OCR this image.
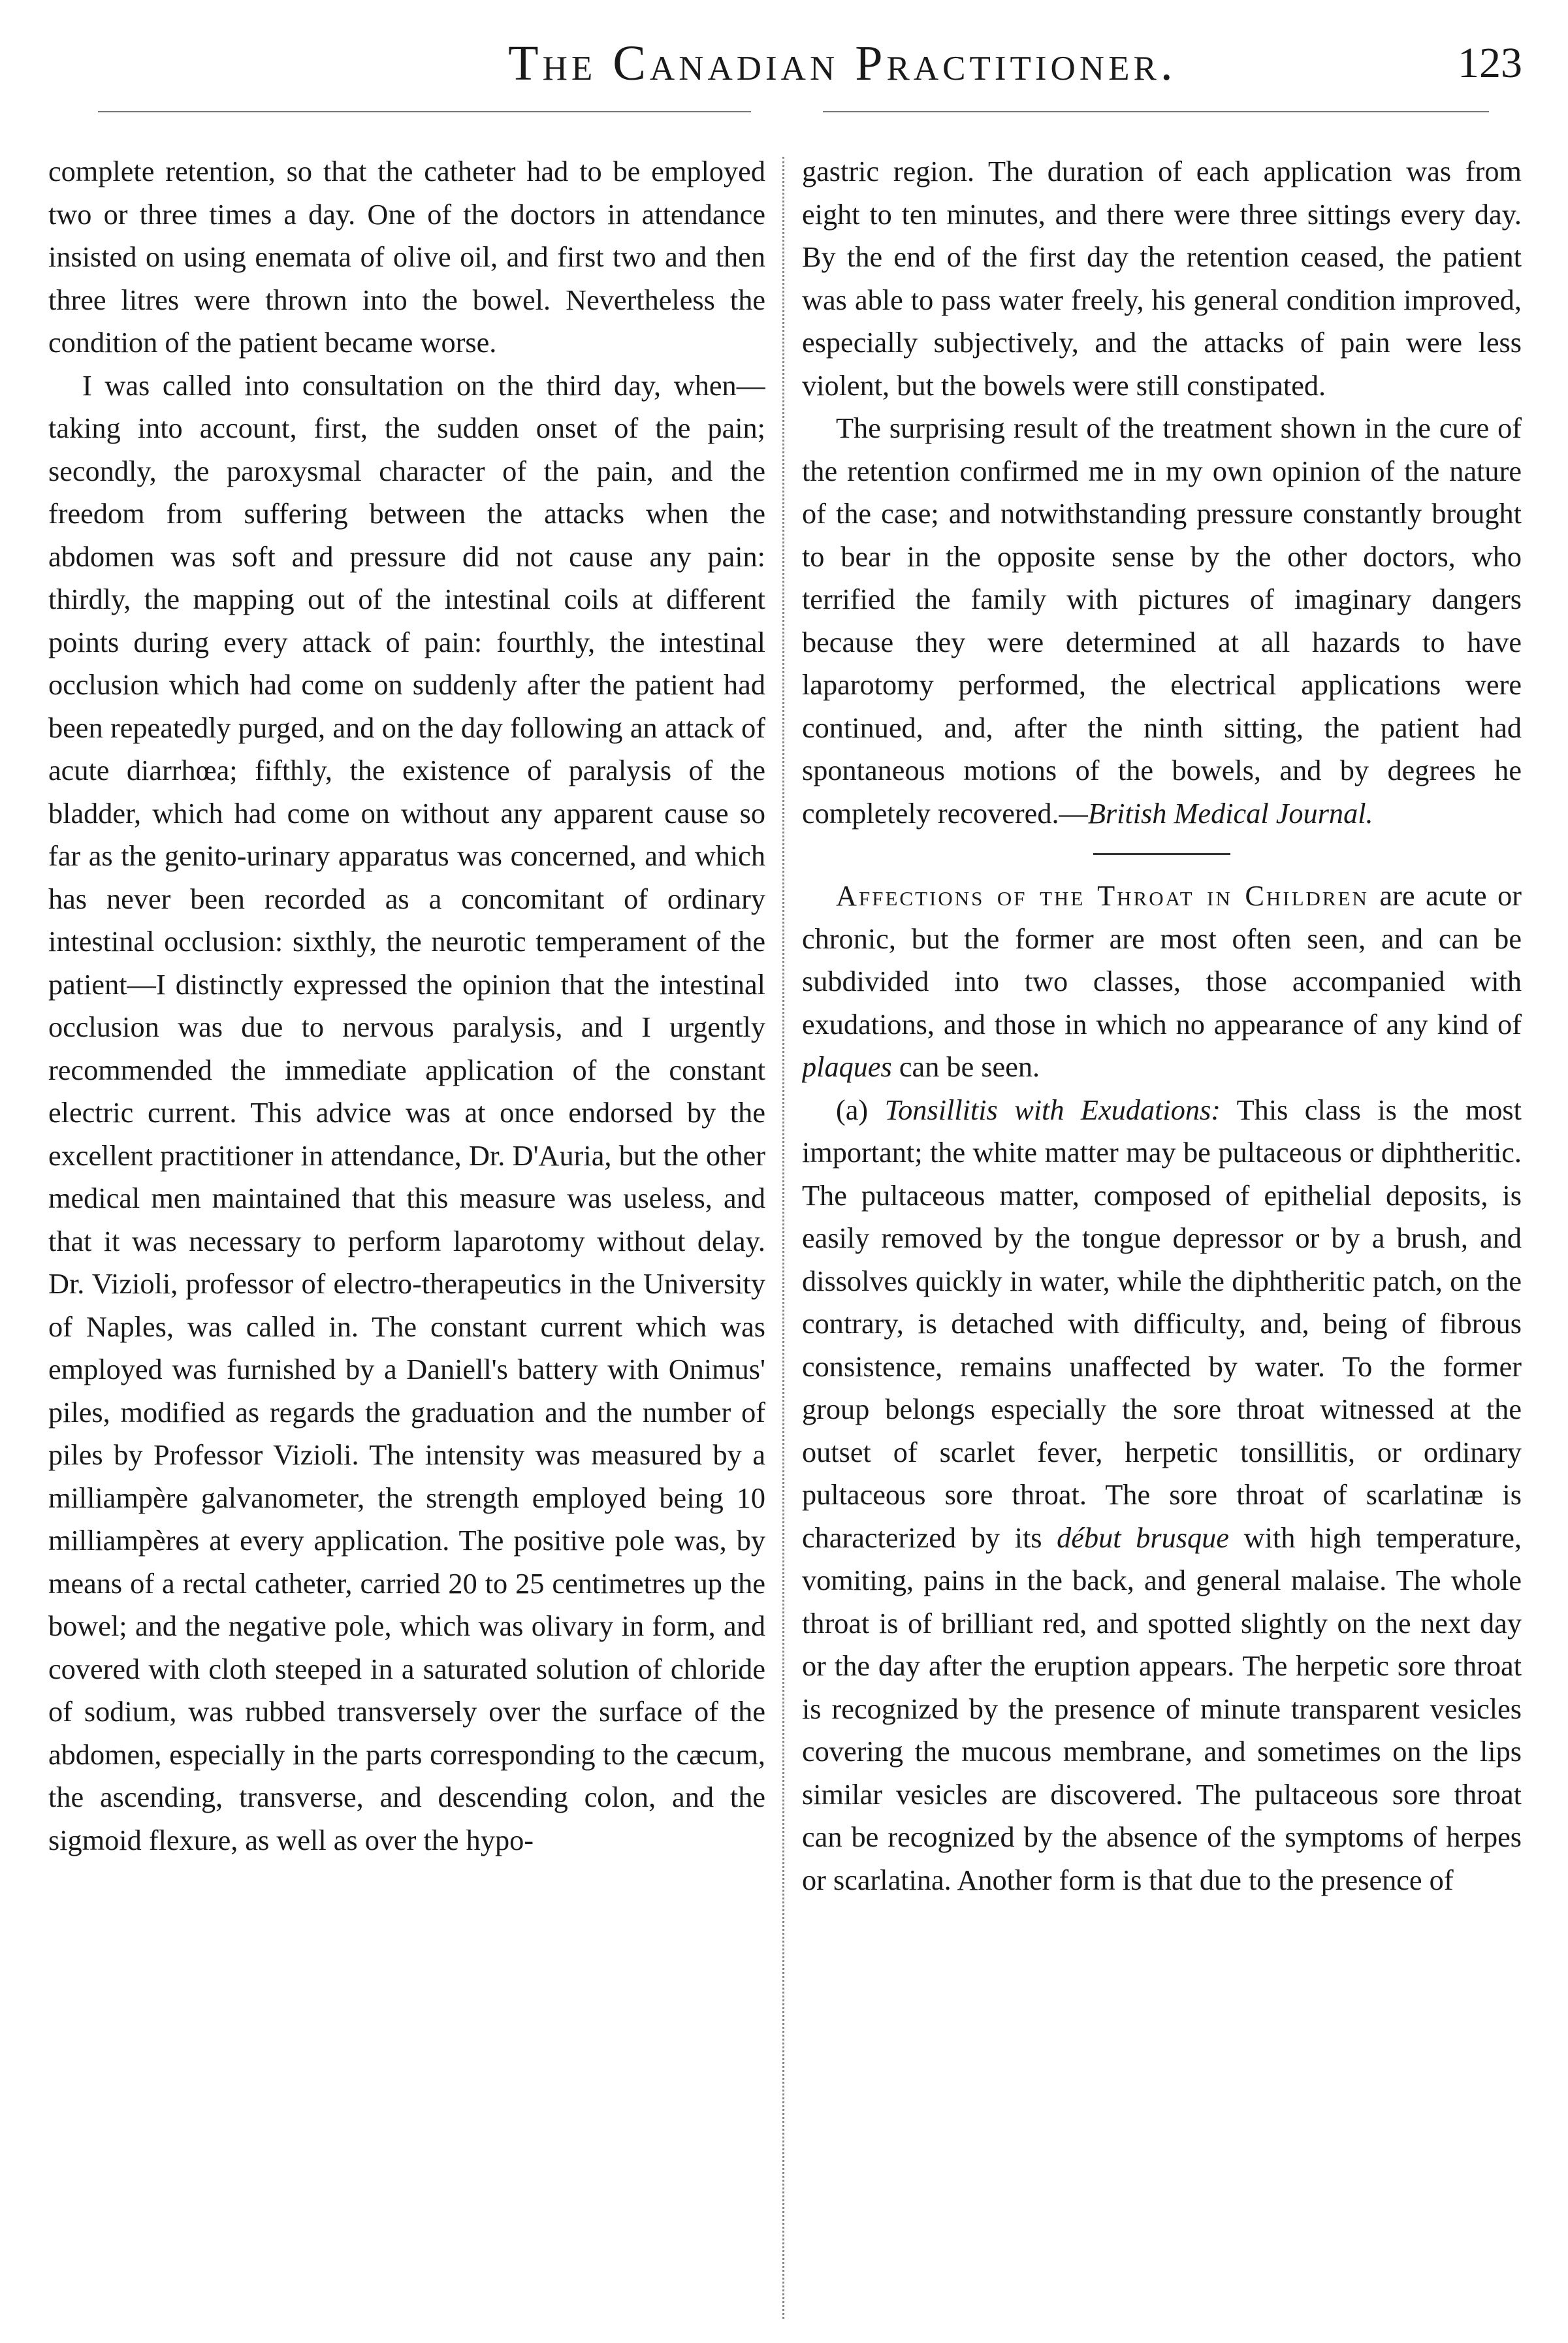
The Canadian Practitioner.	123

complete retention, so that the catheter had to be employed two or three times a day. One of the doctors in attendance insisted on using enemata of olive oil, and first two and then three litres were thrown into the bowel. Nevertheless the condition of the patient became worse.

I was called into consultation on the third day, when—taking into account, first, the sudden onset of the pain; secondly, the paroxysmal character of the pain, and the freedom from suffering between the attacks when the abdomen was soft and pressure did not cause any pain: thirdly, the mapping out of the intestinal coils at different points during every attack of pain: fourthly, the intestinal occlusion which had come on suddenly after the patient had been repeatedly purged, and on the day following an attack of acute diarrhœa; fifthly, the existence of paralysis of the bladder, which had come on without any apparent cause so far as the genito-urinary apparatus was concerned, and which has never been recorded as a concomitant of ordinary intestinal occlusion: sixthly, the neurotic temperament of the patient—I distinctly expressed the opinion that the intestinal occlusion was due to nervous paralysis, and I urgently recommended the immediate application of the constant electric current. This advice was at once endorsed by the excellent practitioner in attendance, Dr. D'Auria, but the other medical men maintained that this measure was useless, and that it was necessary to perform laparotomy without delay. Dr. Vizioli, professor of electro-therapeutics in the University of Naples, was called in. The constant current which was employed was furnished by a Daniell's battery with Onimus' piles, modified as regards the graduation and the number of piles by Professor Vizioli. The intensity was measured by a milliampère galvanometer, the strength employed being 10 milliampères at every application. The positive pole was, by means of a rectal catheter, carried 20 to 25 centimetres up the bowel; and the negative pole, which was olivary in form, and covered with cloth steeped in a saturated solution of chloride of sodium, was rubbed transversely over the surface of the abdomen, especially in the parts corresponding to the cæcum, the ascending, transverse, and descending colon, and the sigmoid flexure, as well as over the hypo-

gastric region. The duration of each application was from eight to ten minutes, and there were three sittings every day. By the end of the first day the retention ceased, the patient was able to pass water freely, his general condition improved, especially subjectively, and the attacks of pain were less violent, but the bowels were still constipated.

The surprising result of the treatment shown in the cure of the retention confirmed me in my own opinion of the nature of the case; and notwithstanding pressure constantly brought to bear in the opposite sense by the other doctors, who terrified the family with pictures of imaginary dangers because they were determined at all hazards to have laparotomy performed, the electrical applications were continued, and, after the ninth sitting, the patient had spontaneous motions of the bowels, and by degrees he completely recovered.—British Medical Journal.

Affections of the Throat in Children are acute or chronic, but the former are most often seen, and can be subdivided into two classes, those accompanied with exudations, and those in which no appearance of any kind of plaques can be seen.

(a) Tonsillitis with Exudations: This class is the most important; the white matter may be pultaceous or diphtheritic. The pultaceous matter, composed of epithelial deposits, is easily removed by the tongue depressor or by a brush, and dissolves quickly in water, while the diphtheritic patch, on the contrary, is detached with difficulty, and, being of fibrous consistence, remains unaffected by water. To the former group belongs especially the sore throat witnessed at the outset of scarlet fever, herpetic tonsillitis, or ordinary pultaceous sore throat. The sore throat of scarlatinæ is characterized by its début brusque with high temperature, vomiting, pains in the back, and general malaise. The whole throat is of brilliant red, and spotted slightly on the next day or the day after the eruption appears. The herpetic sore throat is recognized by the presence of minute transparent vesicles covering the mucous membrane, and sometimes on the lips similar vesicles are discovered. The pultaceous sore throat can be recognized by the absence of the symptoms of herpes or scarlatina. Another form is that due to the presence of
